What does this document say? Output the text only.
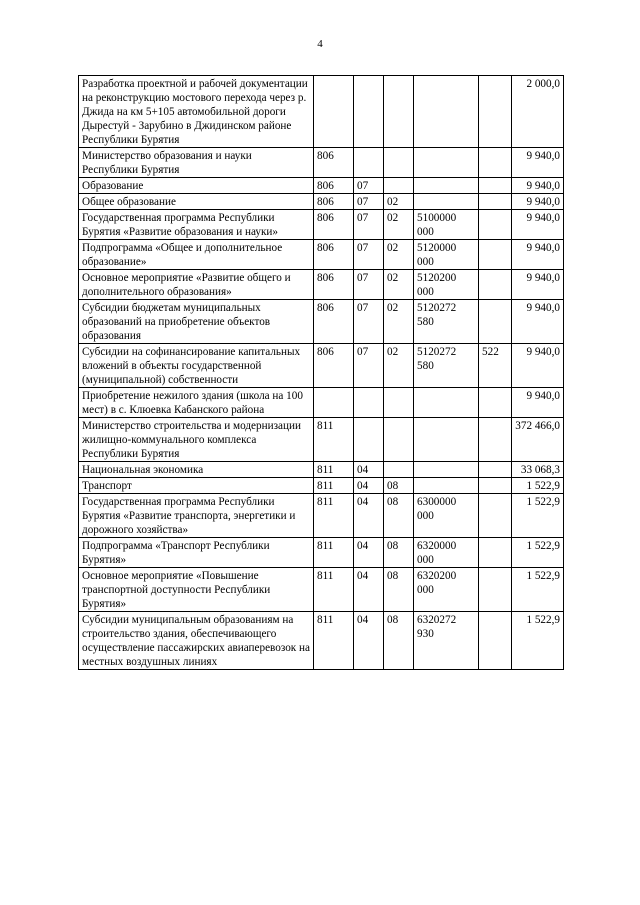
4
Разработка проектной и рабочей документации на реконструкцию мостового перехода через р. Джида на км 5+105 автомобильной дороги Дырестуй - Зарубино в Джидинском районе Республики Бурятия						2 000,0
Министерство образования и науки Республики Бурятия	806					9 940,0
Образование	806	07				9 940,0
Общее образование	806	07	02			9 940,0
Государственная программа Республики Бурятия «Развитие образования и науки»	806	07	02	5100000 000		9 940,0
Подпрограмма «Общее и дополнительное образование»	806	07	02	5120000 000		9 940,0
Основное мероприятие «Развитие общего и дополнительного образования»	806	07	02	5120200 000		9 940,0
Субсидии бюджетам муниципальных образований на приобретение объектов образования	806	07	02	5120272 580		9 940,0
Субсидии на софинансирование капитальных вложений в объекты государственной (муниципальной) собственности	806	07	02	5120272 580	522	9 940,0
Приобретение нежилого здания (школа на 100 мест) в с. Клюевка Кабанского района						9 940,0
Министерство строительства и модернизации жилищно-коммунального комплекса Республики Бурятия	811					372 466,0
Национальная экономика	811	04				33 068,3
Транспорт	811	04	08			1 522,9
Государственная программа Республики Бурятия «Развитие транспорта, энергетики и дорожного хозяйства»	811	04	08	6300000 000		1 522,9
Подпрограмма «Транспорт Республики Бурятия»	811	04	08	6320000 000		1 522,9
Основное мероприятие «Повышение транспортной доступности Республики Бурятия»	811	04	08	6320200 000		1 522,9
Субсидии муниципальным образованиям на строительство здания, обеспечивающего осуществление пассажирских авиаперевозок на местных воздушных линиях	811	04	08	6320272 930		1 522,9
